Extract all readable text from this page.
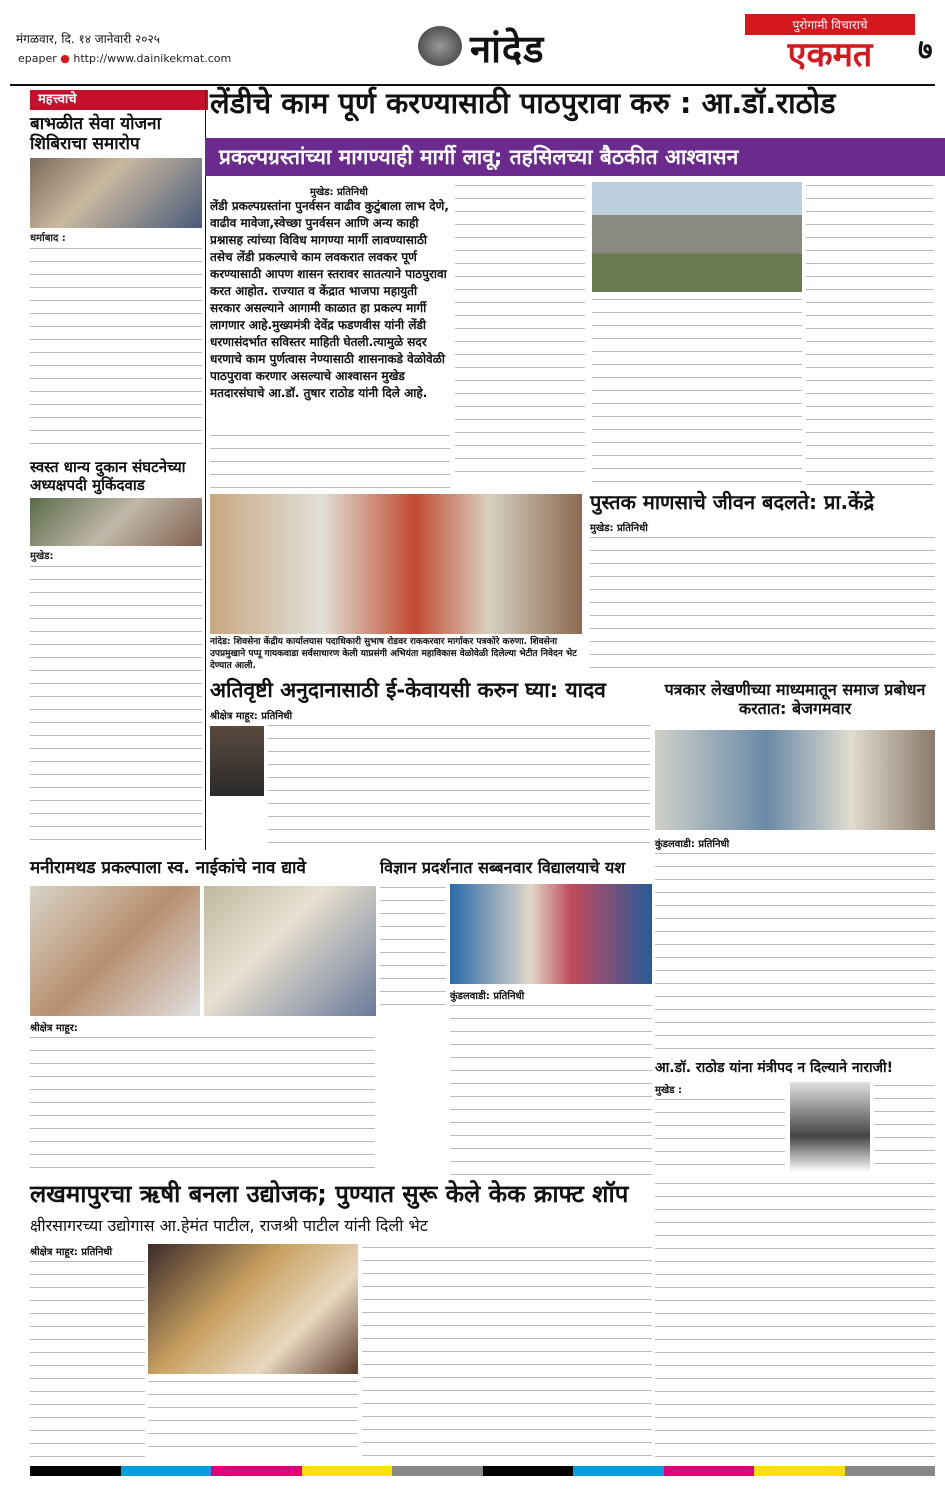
मंगळवार, दि. १४ जानेवारी २०२५
epaper ● http://www.dainikekmat.com	नांदेड
पुरोगामी विचाराचे
एकमत	७
महत्त्वाचे
बाभळीत सेवा योजना शिबिराचा समारोप
धर्माबाद :
स्वस्त धान्य दुकान संघटनेच्या अध्यक्षपदी मुकिंदवाड
मुखेड:
लेंडीचे काम पूर्ण करण्यासाठी पाठपुरावा करु : आ.डॉ.राठोड
प्रकल्पग्रस्तांच्या मागण्याही मार्गी लावू; तहसिलच्या बैठकीत आश्वासन
मुखेड: प्रतिनिधी
लेंडी प्रकल्पग्रस्तांना पुनर्वसन वाढीव कुटुंबाला लाभ देणे, वाढीव मावेजा,स्वेच्छा पुनर्वसन आणि अन्य काही प्रश्नासह त्यांच्या विविध मागण्या मार्गी लावण्यासाठी तसेच लेंडी प्रकल्पाचे काम लवकरात लवकर पूर्ण करण्यासाठी आपण शासन स्तरावर सातत्याने पाठपुरावा करत आहोत. राज्यात व केंद्रात भाजपा महायुती सरकार असल्याने आगामी काळात हा प्रकल्प मार्गी लागणार आहे.मुख्यमंत्री देवेंद्र फडणवीस यांनी लेंडी धरणासंदर्भात सविस्तर माहिती घेतली.त्यामुळे सदर धरणाचे काम पुर्णत्वास नेण्यासाठी शासनाकडे वेळोवेळी पाठपुरावा करणार असल्याचे आश्वासन मुखेड मतदारसंघाचे आ.डॉ. तुषार राठोड यांनी दिले आहे.
नांदेड: शिवसेना केंद्रीय कार्यालयास पदाधिकारी सुभाष रोडवर राककरवार मार्गाकर पत्रकोरे करुणा. शिवसेना उपप्रमुखाने पप्पू गायकवाडा सर्वसाधारण केली याप्रसंगी अभियंता महाविकास वेळोवेळी दिलेल्या भेटीत निवेदन भेट देण्यात आली.
पुस्तक माणसाचे जीवन बदलते: प्रा.केंद्रे
मुखेड: प्रतिनिधी
अतिवृष्टी अनुदानासाठी ई-केवायसी करुन घ्या: यादव
श्रीक्षेत्र माहूर: प्रतिनिधी
पत्रकार लेखणीच्या माध्यमातून समाज प्रबोधन करतात: बेजगमवार
कुंडलवाडी: प्रतिनिधी
मनीरामथड प्रकल्पाला स्व. नाईकांचे नाव द्यावे
श्रीक्षेत्र माहूर:
विज्ञान प्रदर्शनात सब्बनवार विद्यालयाचे यश
कुंडलवाडी: प्रतिनिधी
आ.डॉ. राठोड यांना मंत्रीपद न दिल्याने नाराजी!
मुखेड :
लखमापुरचा ऋषी बनला उद्योजक; पुण्यात सुरू केले केक क्राफ्ट शॉप
क्षीरसागरच्या उद्योगास आ.हेमंत पाटील, राजश्री पाटील यांनी दिली भेट
श्रीक्षेत्र माहूर: प्रतिनिधी
